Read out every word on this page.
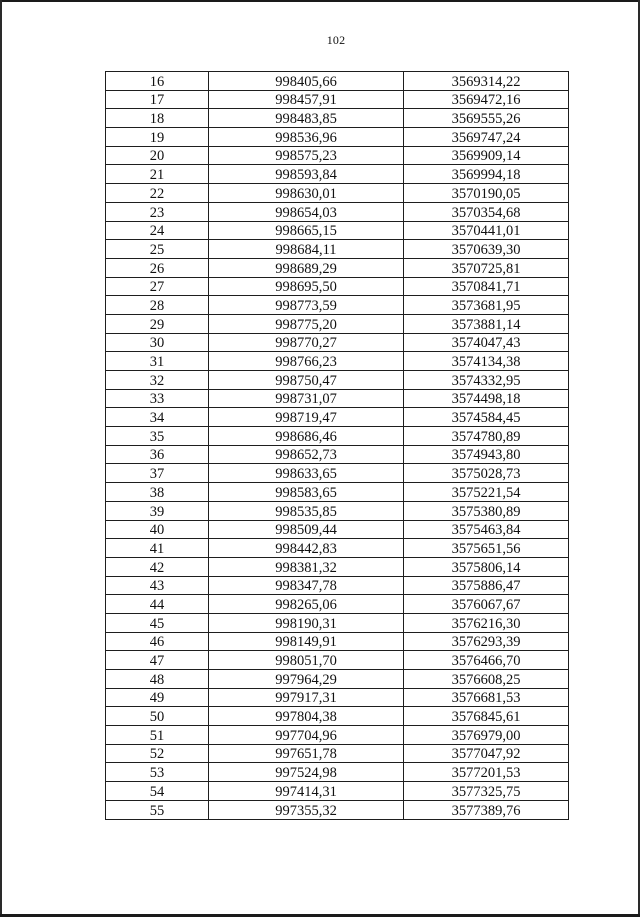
102
16	998405,66	3569314,22
17	998457,91	3569472,16
18	998483,85	3569555,26
19	998536,96	3569747,24
20	998575,23	3569909,14
21	998593,84	3569994,18
22	998630,01	3570190,05
23	998654,03	3570354,68
24	998665,15	3570441,01
25	998684,11	3570639,30
26	998689,29	3570725,81
27	998695,50	3570841,71
28	998773,59	3573681,95
29	998775,20	3573881,14
30	998770,27	3574047,43
31	998766,23	3574134,38
32	998750,47	3574332,95
33	998731,07	3574498,18
34	998719,47	3574584,45
35	998686,46	3574780,89
36	998652,73	3574943,80
37	998633,65	3575028,73
38	998583,65	3575221,54
39	998535,85	3575380,89
40	998509,44	3575463,84
41	998442,83	3575651,56
42	998381,32	3575806,14
43	998347,78	3575886,47
44	998265,06	3576067,67
45	998190,31	3576216,30
46	998149,91	3576293,39
47	998051,70	3576466,70
48	997964,29	3576608,25
49	997917,31	3576681,53
50	997804,38	3576845,61
51	997704,96	3576979,00
52	997651,78	3577047,92
53	997524,98	3577201,53
54	997414,31	3577325,75
55	997355,32	3577389,76
